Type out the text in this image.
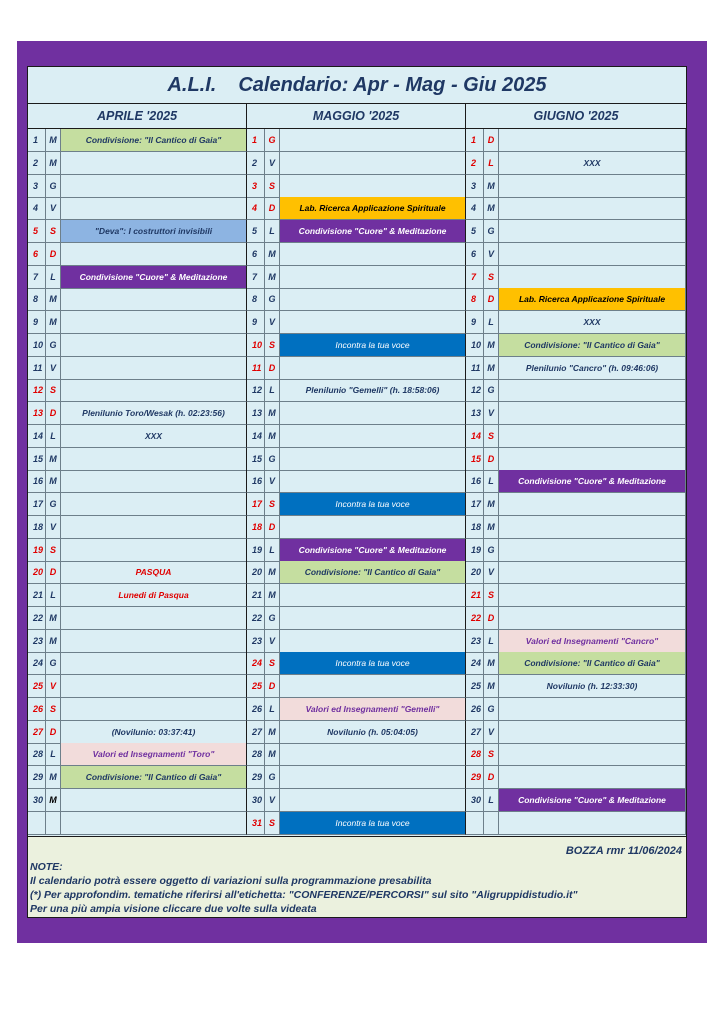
A.L.I. Calendario: Apr - Mag - Giu 2025
APRILE '2025	MAGGIO '2025	GIUGNO '2025
1	M	Condivisione: "Il Cantico di Gaia"	1	G	1	D
2	M	2	V	2	L	XXX
3	G	3	S	3	M
4	V	4	D	Lab. Ricerca Applicazione Spirituale	4	M
5	S	"Deva": I costruttori invisibili	5	L	Condivisione "Cuore" & Meditazione	5	G
6	D	6	M	6	V
7	L	Condivisione "Cuore" & Meditazione	7	M	7	S
8	M	8	G	8	D	Lab. Ricerca Applicazione Spirituale
9	M	9	V	9	L	XXX
10 G	10 S	Incontra la tua voce	10 M	Condivisione: "Il Cantico di Gaia"
11 V	11 D	11 M	Plenilunio "Cancro" (h. 09:46:06)
12 S	12 L	Plenilunio "Gemelli" (h. 18:58:06)	12 G
13 D	Plenilunio Toro/Wesak (h. 02:23:56)	13 M	13 V
14 L	XXX	14 M	14 S
15 M	15 G	15 D
16 M	16 V	16 L	Condivisione "Cuore" & Meditazione
17 G	17 S	Incontra la tua voce	17 M
18 V	18 D	18 M
19 S	19 L	Condivisione "Cuore" & Meditazione	19 G
20 D	PASQUA	20 M	Condivisione: "Il Cantico di Gaia"	20 V
21 L	Lunedi di Pasqua	21 M	21 S
22 M	22 G	22 D
23 M	23 V	23 L	Valori ed Insegnamenti "Cancro"
24 G	24 S	Incontra la tua voce	24 M	Condivisione: "Il Cantico di Gaia"
25 V	25 D	25 M	Novilunio (h. 12:33:30)
26 S	26 L	Valori ed Insegnamenti "Gemelli"	26 G
27 D	(Novilunio: 03:37:41)	27 M	Novilunio (h. 05:04:05)	27 V
28 L	Valori ed Insegnamenti "Toro"	28 M	28 S
29 M	Condivisione: "Il Cantico di Gaia"	29 G	29 D
30 M	30 V	30 L	Condivisione "Cuore" & Meditazione
31 S	Incontra la tua voce
BOZZA rmr 11/06/2024
NOTE:
Il calendario potrà essere oggetto di variazioni sulla programmazione presabilita
(*) Per approfondim. tematiche riferirsi all'etichetta: "CONFERENZE/PERCORSI" sul sito "Aligruppidistudio.it"
Per una più ampia visione cliccare due volte sulla videata
